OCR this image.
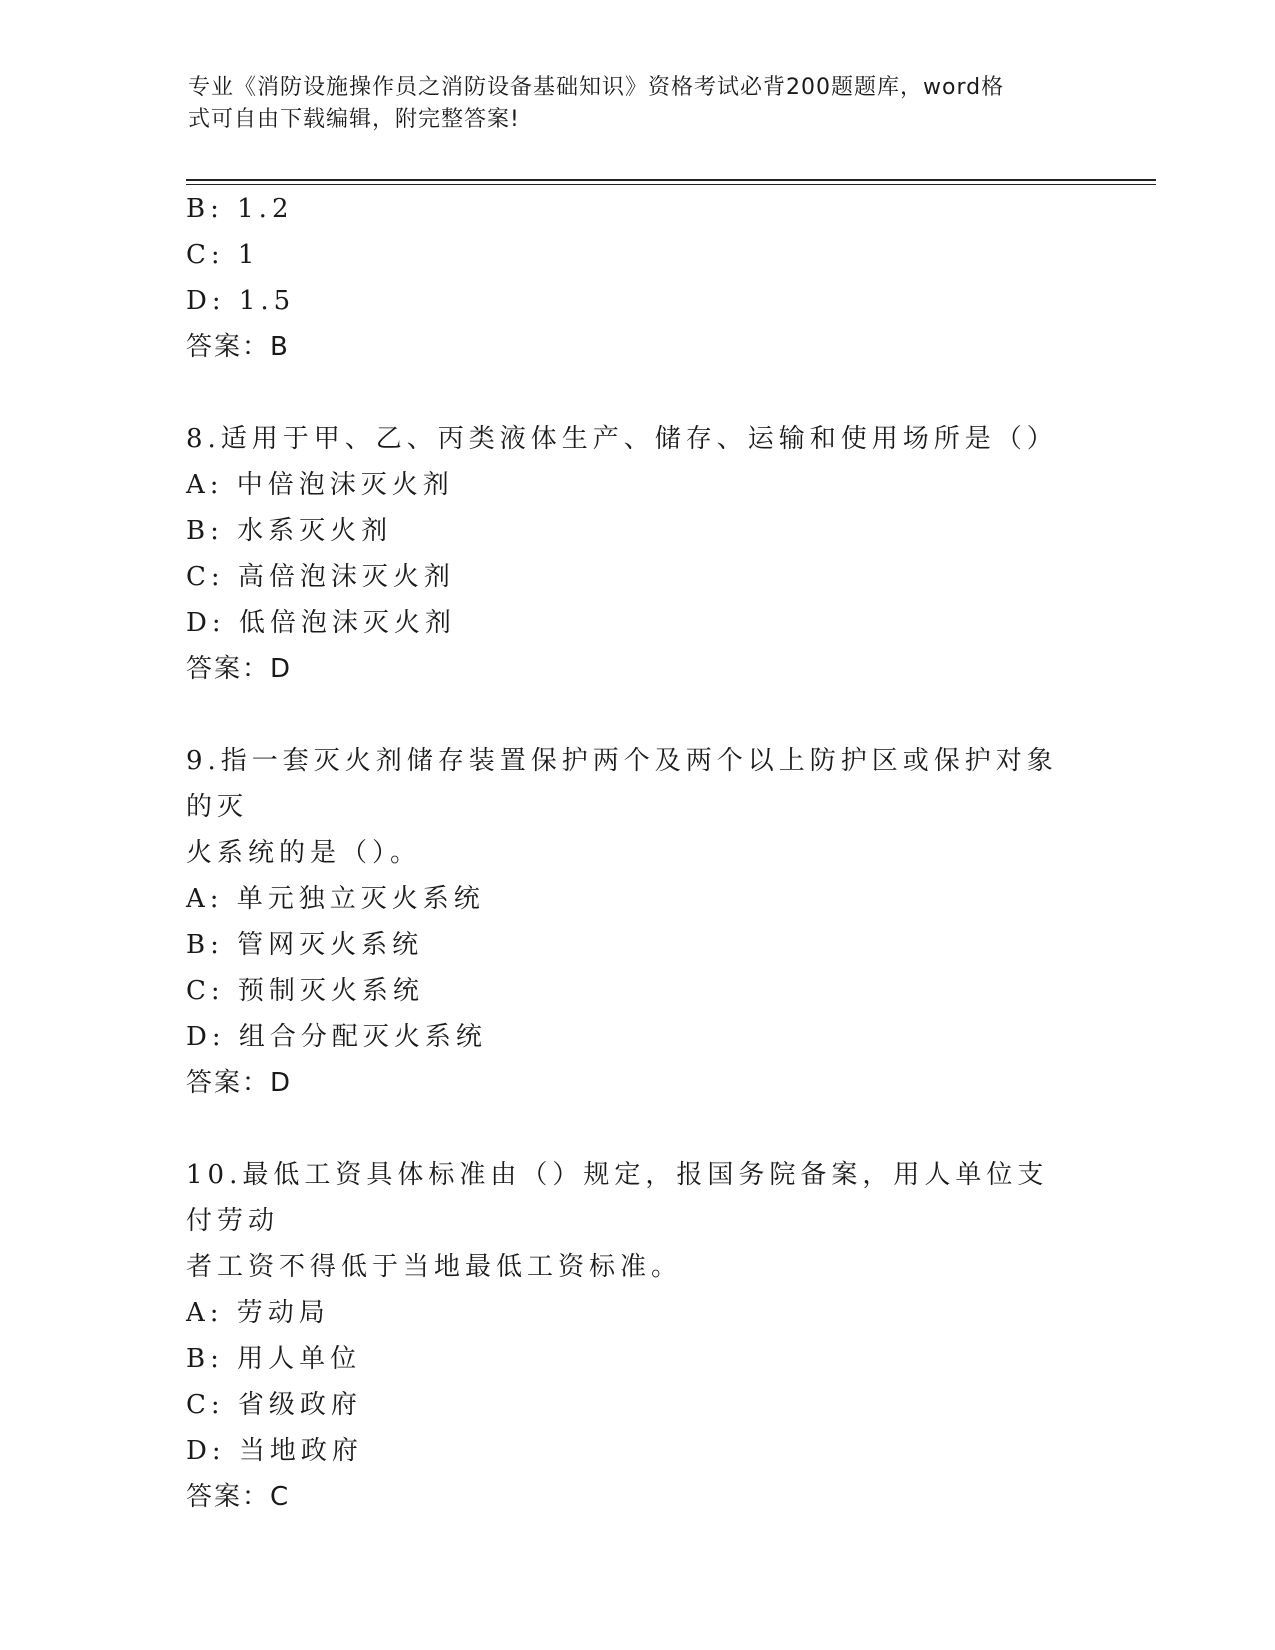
专业《消防设施操作员之消防设备基础知识》资格考试必背200题题库，word格
式可自由下载编辑，附完整答案!
B: 1.2
C: 1
D: 1.5
答案：B
8.适用于甲、乙、丙类液体生产、储存、运输和使用场所是（）
A: 中倍泡沫灭火剂
B: 水系灭火剂
C: 高倍泡沫灭火剂
D: 低倍泡沫灭火剂
答案：D
9.指一套灭火剂储存装置保护两个及两个以上防护区或保护对象的灭
火系统的是（）。
A: 单元独立灭火系统
B: 管网灭火系统
C: 预制灭火系统
D: 组合分配灭火系统
答案：D
10.最低工资具体标准由（）规定，报国务院备案，用人单位支付劳动
者工资不得低于当地最低工资标准。
A: 劳动局
B: 用人单位
C: 省级政府
D: 当地政府
答案：C
